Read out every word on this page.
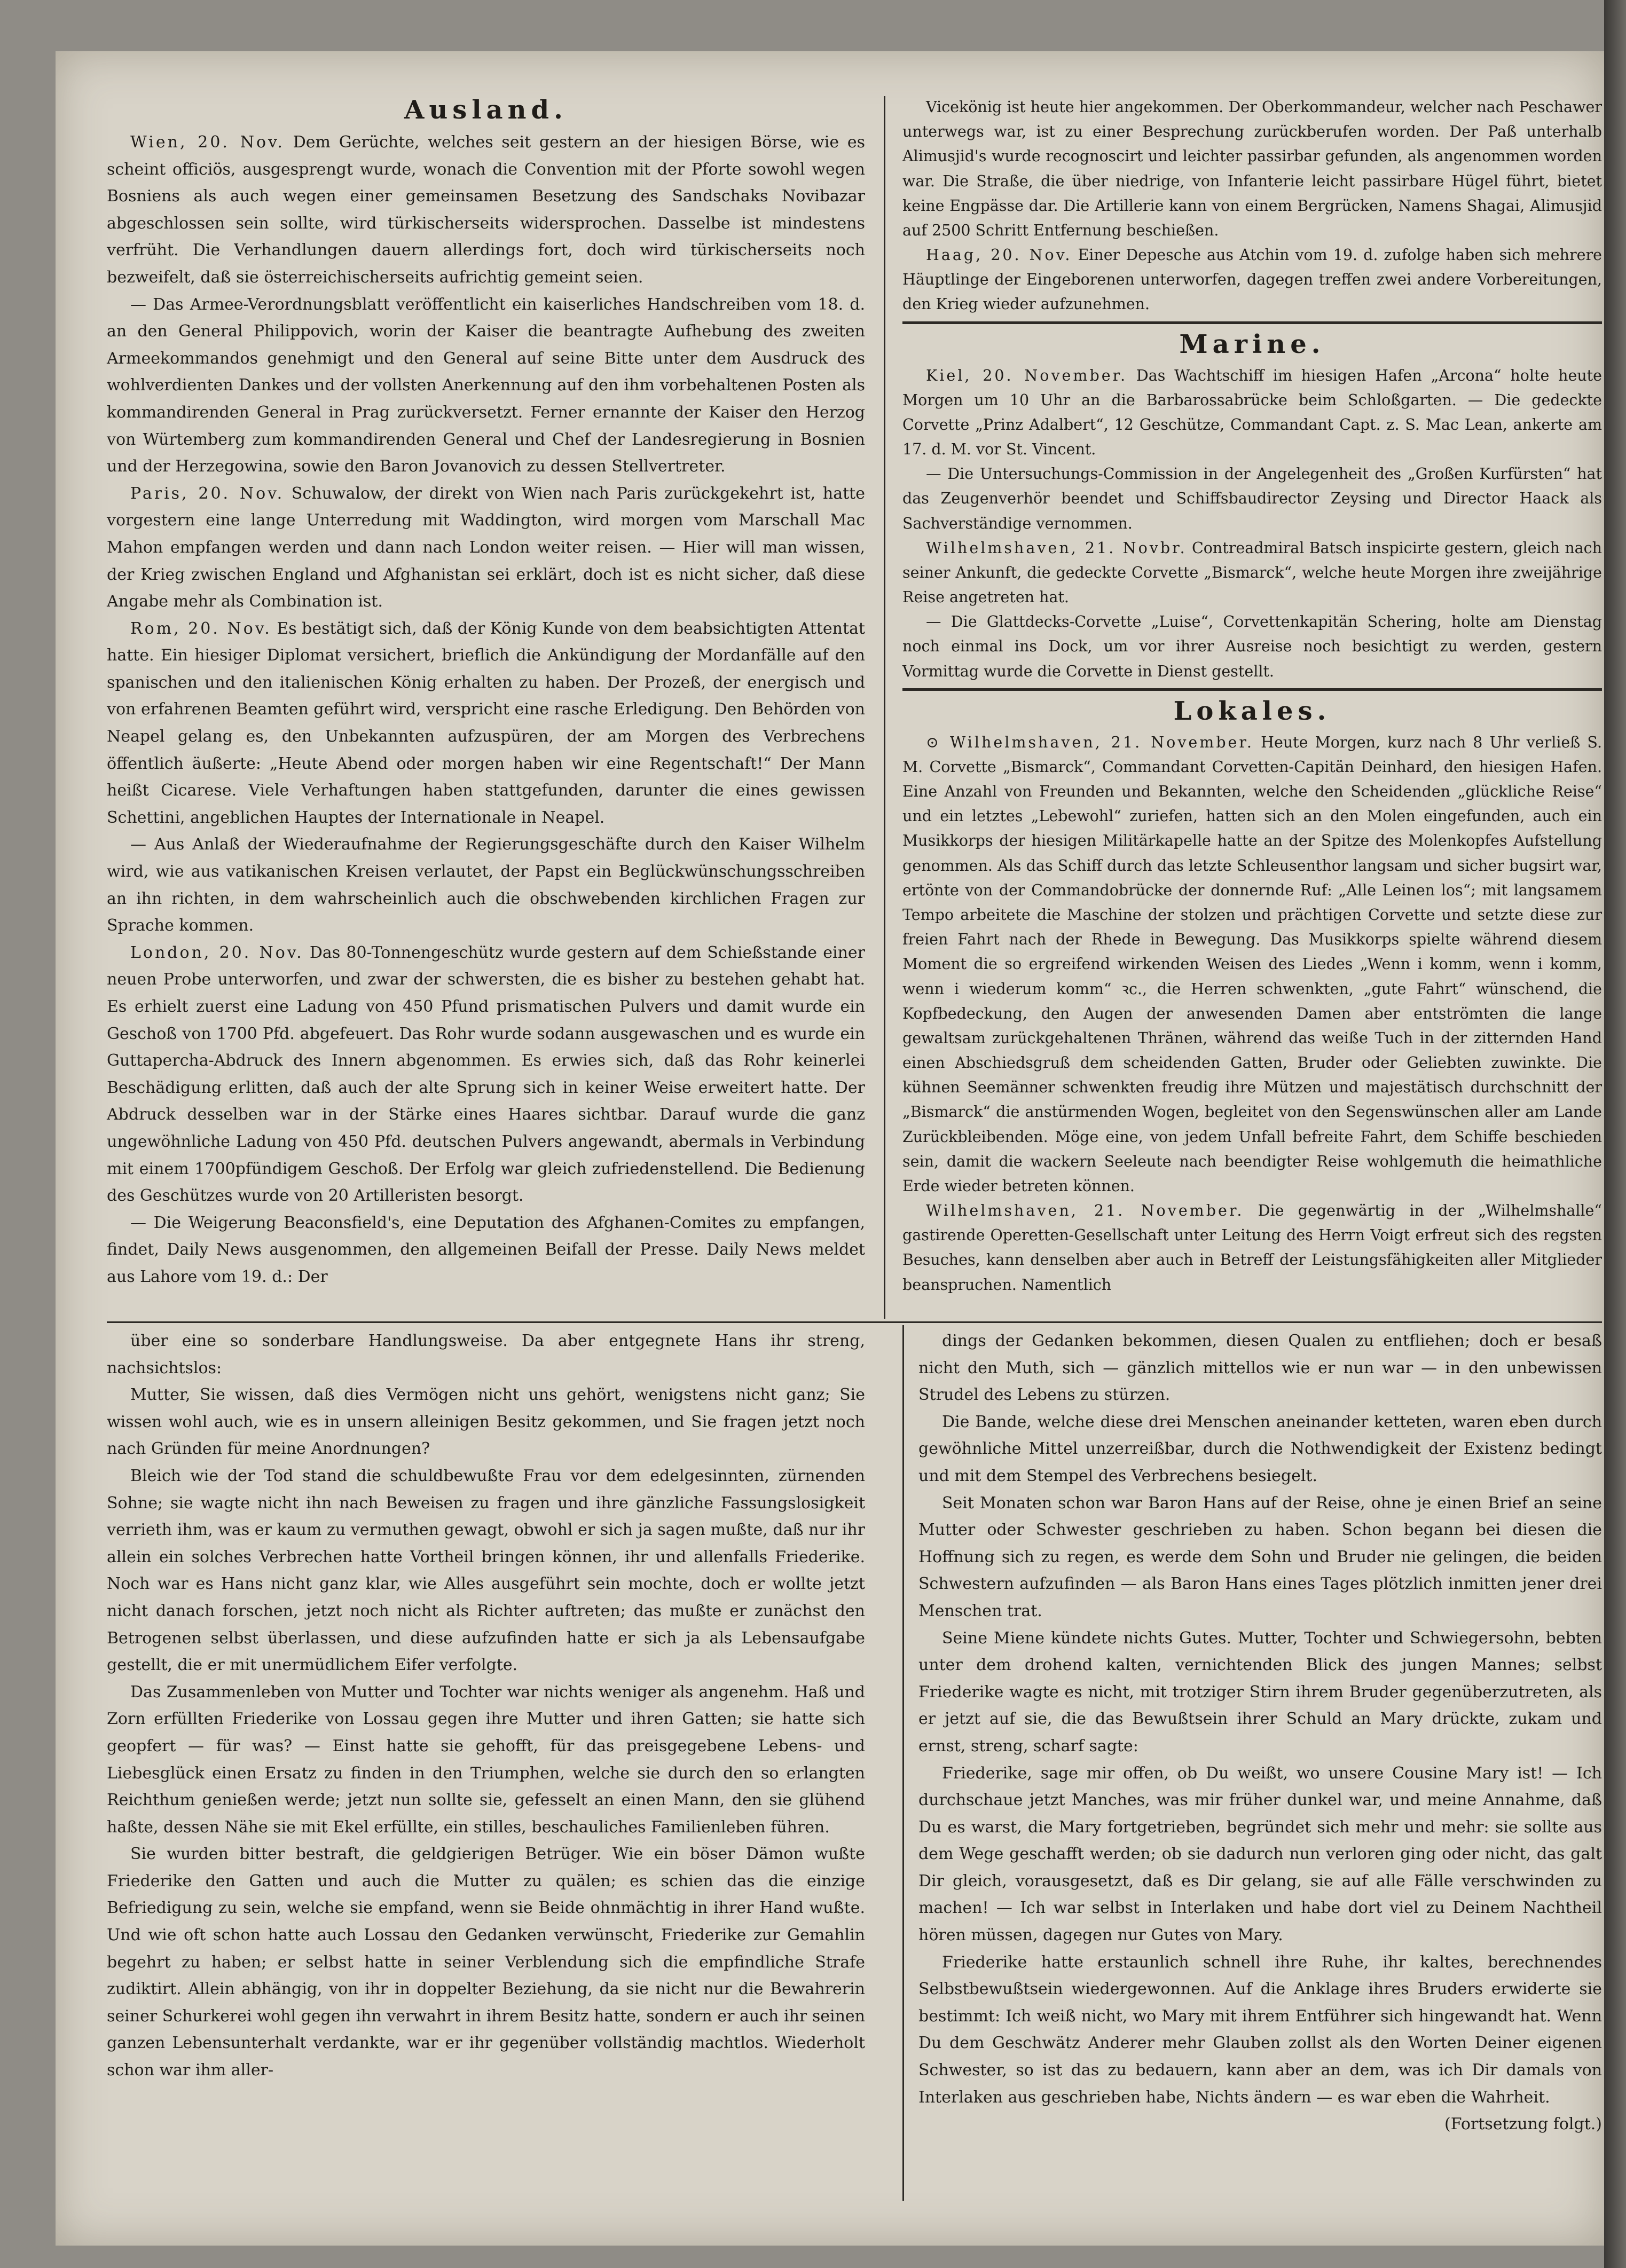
Ausland.

Wien, 20. Nov. Dem Gerüchte, welches seit gestern an der hiesigen Börse, wie es scheint officiös, ausgesprengt wurde, wonach die Convention mit der Pforte sowohl wegen Bosniens als auch wegen einer gemeinsamen Besetzung des Sandschaks Novibazar abgeschlossen sein sollte, wird türkischerseits widersprochen. Dasselbe ist mindestens verfrüht. Die Verhandlungen dauern allerdings fort, doch wird türkischerseits noch bezweifelt, daß sie österreichischerseits aufrichtig gemeint seien.

— Das Armee-Verordnungsblatt veröffentlicht ein kaiserliches Handschreiben vom 18. d. an den General Philippovich, worin der Kaiser die beantragte Aufhebung des zweiten Armeekommandos genehmigt und den General auf seine Bitte unter dem Ausdruck des wohlverdienten Dankes und der vollsten Anerkennung auf den ihm vorbehaltenen Posten als kommandirenden General in Prag zurückversetzt. Ferner ernannte der Kaiser den Herzog von Würtemberg zum kommandirenden General und Chef der Landesregierung in Bosnien und der Herzegowina, sowie den Baron Jovanovich zu dessen Stellvertreter.

Paris, 20. Nov. Schuwalow, der direkt von Wien nach Paris zurückgekehrt ist, hatte vorgestern eine lange Unterredung mit Waddington, wird morgen vom Marschall Mac Mahon empfangen werden und dann nach London weiter reisen. — Hier will man wissen, der Krieg zwischen England und Afghanistan sei erklärt, doch ist es nicht sicher, daß diese Angabe mehr als Combination ist.

Rom, 20. Nov. Es bestätigt sich, daß der König Kunde von dem beabsichtigten Attentat hatte. Ein hiesiger Diplomat versichert, brieflich die Ankündigung der Mordanfälle auf den spanischen und den italienischen König erhalten zu haben. Der Prozeß, der energisch und von erfahrenen Beamten geführt wird, verspricht eine rasche Erledigung. Den Behörden von Neapel gelang es, den Unbekannten aufzuspüren, der am Morgen des Verbrechens öffentlich äußerte: „Heute Abend oder morgen haben wir eine Regentschaft!“ Der Mann heißt Cicarese. Viele Verhaftungen haben stattgefunden, darunter die eines gewissen Schettini, angeblichen Hauptes der Internationale in Neapel.

— Aus Anlaß der Wiederaufnahme der Regierungsgeschäfte durch den Kaiser Wilhelm wird, wie aus vatikanischen Kreisen verlautet, der Papst ein Beglückwünschungsschreiben an ihn richten, in dem wahrscheinlich auch die obschwebenden kirchlichen Fragen zur Sprache kommen.

London, 20. Nov. Das 80-Tonnengeschütz wurde gestern auf dem Schießstande einer neuen Probe unterworfen, und zwar der schwersten, die es bisher zu bestehen gehabt hat. Es erhielt zuerst eine Ladung von 450 Pfund prismatischen Pulvers und damit wurde ein Geschoß von 1700 Pfd. abgefeuert. Das Rohr wurde sodann ausgewaschen und es wurde ein Guttapercha-Abdruck des Innern abgenommen. Es erwies sich, daß das Rohr keinerlei Beschädigung erlitten, daß auch der alte Sprung sich in keiner Weise erweitert hatte. Der Abdruck desselben war in der Stärke eines Haares sichtbar. Darauf wurde die ganz ungewöhnliche Ladung von 450 Pfd. deutschen Pulvers angewandt, abermals in Verbindung mit einem 1700pfündigem Geschoß. Der Erfolg war gleich zufriedenstellend. Die Bedienung des Geschützes wurde von 20 Artilleristen besorgt.

— Die Weigerung Beaconsfield's, eine Deputation des Afghanen-Comites zu empfangen, findet, Daily News ausgenommen, den allgemeinen Beifall der Presse. Daily News meldet aus Lahore vom 19. d.: Der

Vicekönig ist heute hier angekommen. Der Oberkommandeur, welcher nach Peschawer unterwegs war, ist zu einer Besprechung zurückberufen worden. Der Paß unterhalb Alimusjid's wurde recognoscirt und leichter passirbar gefunden, als angenommen worden war. Die Straße, die über niedrige, von Infanterie leicht passirbare Hügel führt, bietet keine Engpässe dar. Die Artillerie kann von einem Bergrücken, Namens Shagai, Alimusjid auf 2500 Schritt Entfernung beschießen.

Haag, 20. Nov. Einer Depesche aus Atchin vom 19. d. zufolge haben sich mehrere Häuptlinge der Eingeborenen unterworfen, dagegen treffen zwei andere Vorbereitungen, den Krieg wieder aufzunehmen.

Marine.

Kiel, 20. November. Das Wachtschiff im hiesigen Hafen „Arcona“ holte heute Morgen um 10 Uhr an die Barbarossabrücke beim Schloßgarten. — Die gedeckte Corvette „Prinz Adalbert“, 12 Geschütze, Commandant Capt. z. S. Mac Lean, ankerte am 17. d. M. vor St. Vincent.

— Die Untersuchungs-Commission in der Angelegenheit des „Großen Kurfürsten“ hat das Zeugenverhör beendet und Schiffsbaudirector Zeysing und Director Haack als Sachverständige vernommen.

Wilhelmshaven, 21. Novbr. Contreadmiral Batsch inspicirte gestern, gleich nach seiner Ankunft, die gedeckte Corvette „Bismarck“, welche heute Morgen ihre zweijährige Reise angetreten hat.

— Die Glattdecks-Corvette „Luise“, Corvettenkapitän Schering, holte am Dienstag noch einmal ins Dock, um vor ihrer Ausreise noch besichtigt zu werden, gestern Vormittag wurde die Corvette in Dienst gestellt.

Lokales.

⊙ Wilhelmshaven, 21. November. Heute Morgen, kurz nach 8 Uhr verließ S. M. Corvette „Bismarck“, Commandant Corvetten-Capitän Deinhard, den hiesigen Hafen. Eine Anzahl von Freunden und Bekannten, welche den Scheidenden „glückliche Reise“ und ein letztes „Lebewohl“ zuriefen, hatten sich an den Molen eingefunden, auch ein Musikkorps der hiesigen Militärkapelle hatte an der Spitze des Molenkopfes Aufstellung genommen. Als das Schiff durch das letzte Schleusenthor langsam und sicher bugsirt war, ertönte von der Commandobrücke der donnernde Ruf: „Alle Leinen los“; mit langsamem Tempo arbeitete die Maschine der stolzen und prächtigen Corvette und setzte diese zur freien Fahrt nach der Rhede in Bewegung. Das Musikkorps spielte während diesem Moment die so ergreifend wirkenden Weisen des Liedes „Wenn i komm, wenn i komm, wenn i wiederum komm“ ꝛc., die Herren schwenkten, „gute Fahrt“ wünschend, die Kopfbedeckung, den Augen der anwesenden Damen aber entströmten die lange gewaltsam zurückgehaltenen Thränen, während das weiße Tuch in der zitternden Hand einen Abschiedsgruß dem scheidenden Gatten, Bruder oder Geliebten zuwinkte. Die kühnen Seemänner schwenkten freudig ihre Mützen und majestätisch durchschnitt der „Bismarck“ die anstürmenden Wogen, begleitet von den Segenswünschen aller am Lande Zurückbleibenden. Möge eine, von jedem Unfall befreite Fahrt, dem Schiffe beschieden sein, damit die wackern Seeleute nach beendigter Reise wohlgemuth die heimathliche Erde wieder betreten können.

Wilhelmshaven, 21. November. Die gegenwärtig in der „Wilhelmshalle“ gastirende Operetten-Gesellschaft unter Leitung des Herrn Voigt erfreut sich des regsten Besuches, kann denselben aber auch in Betreff der Leistungsfähigkeiten aller Mitglieder beanspruchen. Namentlich

über eine so sonderbare Handlungsweise. Da aber entgegnete Hans ihr streng, nachsichtslos:

Mutter, Sie wissen, daß dies Vermögen nicht uns gehört, wenigstens nicht ganz; Sie wissen wohl auch, wie es in unsern alleinigen Besitz gekommen, und Sie fragen jetzt noch nach Gründen für meine Anordnungen?

Bleich wie der Tod stand die schuldbewußte Frau vor dem edelgesinnten, zürnenden Sohne; sie wagte nicht ihn nach Beweisen zu fragen und ihre gänzliche Fassungslosigkeit verrieth ihm, was er kaum zu vermuthen gewagt, obwohl er sich ja sagen mußte, daß nur ihr allein ein solches Verbrechen hatte Vortheil bringen können, ihr und allenfalls Friederike. Noch war es Hans nicht ganz klar, wie Alles ausgeführt sein mochte, doch er wollte jetzt nicht danach forschen, jetzt noch nicht als Richter auftreten; das mußte er zunächst den Betrogenen selbst überlassen, und diese aufzufinden hatte er sich ja als Lebensaufgabe gestellt, die er mit unermüdlichem Eifer verfolgte.

Das Zusammenleben von Mutter und Tochter war nichts weniger als angenehm. Haß und Zorn erfüllten Friederike von Lossau gegen ihre Mutter und ihren Gatten; sie hatte sich geopfert — für was? — Einst hatte sie gehofft, für das preisgegebene Lebens- und Liebesglück einen Ersatz zu finden in den Triumphen, welche sie durch den so erlangten Reichthum genießen werde; jetzt nun sollte sie, gefesselt an einen Mann, den sie glühend haßte, dessen Nähe sie mit Ekel erfüllte, ein stilles, beschauliches Familienleben führen.

Sie wurden bitter bestraft, die geldgierigen Betrüger. Wie ein böser Dämon wußte Friederike den Gatten und auch die Mutter zu quälen; es schien das die einzige Befriedigung zu sein, welche sie empfand, wenn sie Beide ohnmächtig in ihrer Hand wußte. Und wie oft schon hatte auch Lossau den Gedanken verwünscht, Friederike zur Gemahlin begehrt zu haben; er selbst hatte in seiner Verblendung sich die empfindliche Strafe zudiktirt. Allein abhängig, von ihr in doppelter Beziehung, da sie nicht nur die Bewahrerin seiner Schurkerei wohl gegen ihn verwahrt in ihrem Besitz hatte, sondern er auch ihr seinen ganzen Lebensunterhalt verdankte, war er ihr gegenüber vollständig machtlos. Wiederholt schon war ihm aller-

dings der Gedanken bekommen, diesen Qualen zu entfliehen; doch er besaß nicht den Muth, sich — gänzlich mittellos wie er nun war — in den unbewissen Strudel des Lebens zu stürzen.

Die Bande, welche diese drei Menschen aneinander ketteten, waren eben durch gewöhnliche Mittel unzerreißbar, durch die Nothwendigkeit der Existenz bedingt und mit dem Stempel des Verbrechens besiegelt.

Seit Monaten schon war Baron Hans auf der Reise, ohne je einen Brief an seine Mutter oder Schwester geschrieben zu haben. Schon begann bei diesen die Hoffnung sich zu regen, es werde dem Sohn und Bruder nie gelingen, die beiden Schwestern aufzufinden — als Baron Hans eines Tages plötzlich inmitten jener drei Menschen trat.

Seine Miene kündete nichts Gutes. Mutter, Tochter und Schwiegersohn, bebten unter dem drohend kalten, vernichtenden Blick des jungen Mannes; selbst Friederike wagte es nicht, mit trotziger Stirn ihrem Bruder gegenüberzutreten, als er jetzt auf sie, die das Bewußtsein ihrer Schuld an Mary drückte, zukam und ernst, streng, scharf sagte:

Friederike, sage mir offen, ob Du weißt, wo unsere Cousine Mary ist! — Ich durchschaue jetzt Manches, was mir früher dunkel war, und meine Annahme, daß Du es warst, die Mary fortgetrieben, begründet sich mehr und mehr: sie sollte aus dem Wege geschafft werden; ob sie dadurch nun verloren ging oder nicht, das galt Dir gleich, vorausgesetzt, daß es Dir gelang, sie auf alle Fälle verschwinden zu machen! — Ich war selbst in Interlaken und habe dort viel zu Deinem Nachtheil hören müssen, dagegen nur Gutes von Mary.

Friederike hatte erstaunlich schnell ihre Ruhe, ihr kaltes, berechnendes Selbstbewußtsein wiedergewonnen. Auf die Anklage ihres Bruders erwiderte sie bestimmt: Ich weiß nicht, wo Mary mit ihrem Entführer sich hingewandt hat. Wenn Du dem Geschwätz Anderer mehr Glauben zollst als den Worten Deiner eigenen Schwester, so ist das zu bedauern, kann aber an dem, was ich Dir damals von Interlaken aus geschrieben habe, Nichts ändern — es war eben die Wahrheit.

(Fortsetzung folgt.)
